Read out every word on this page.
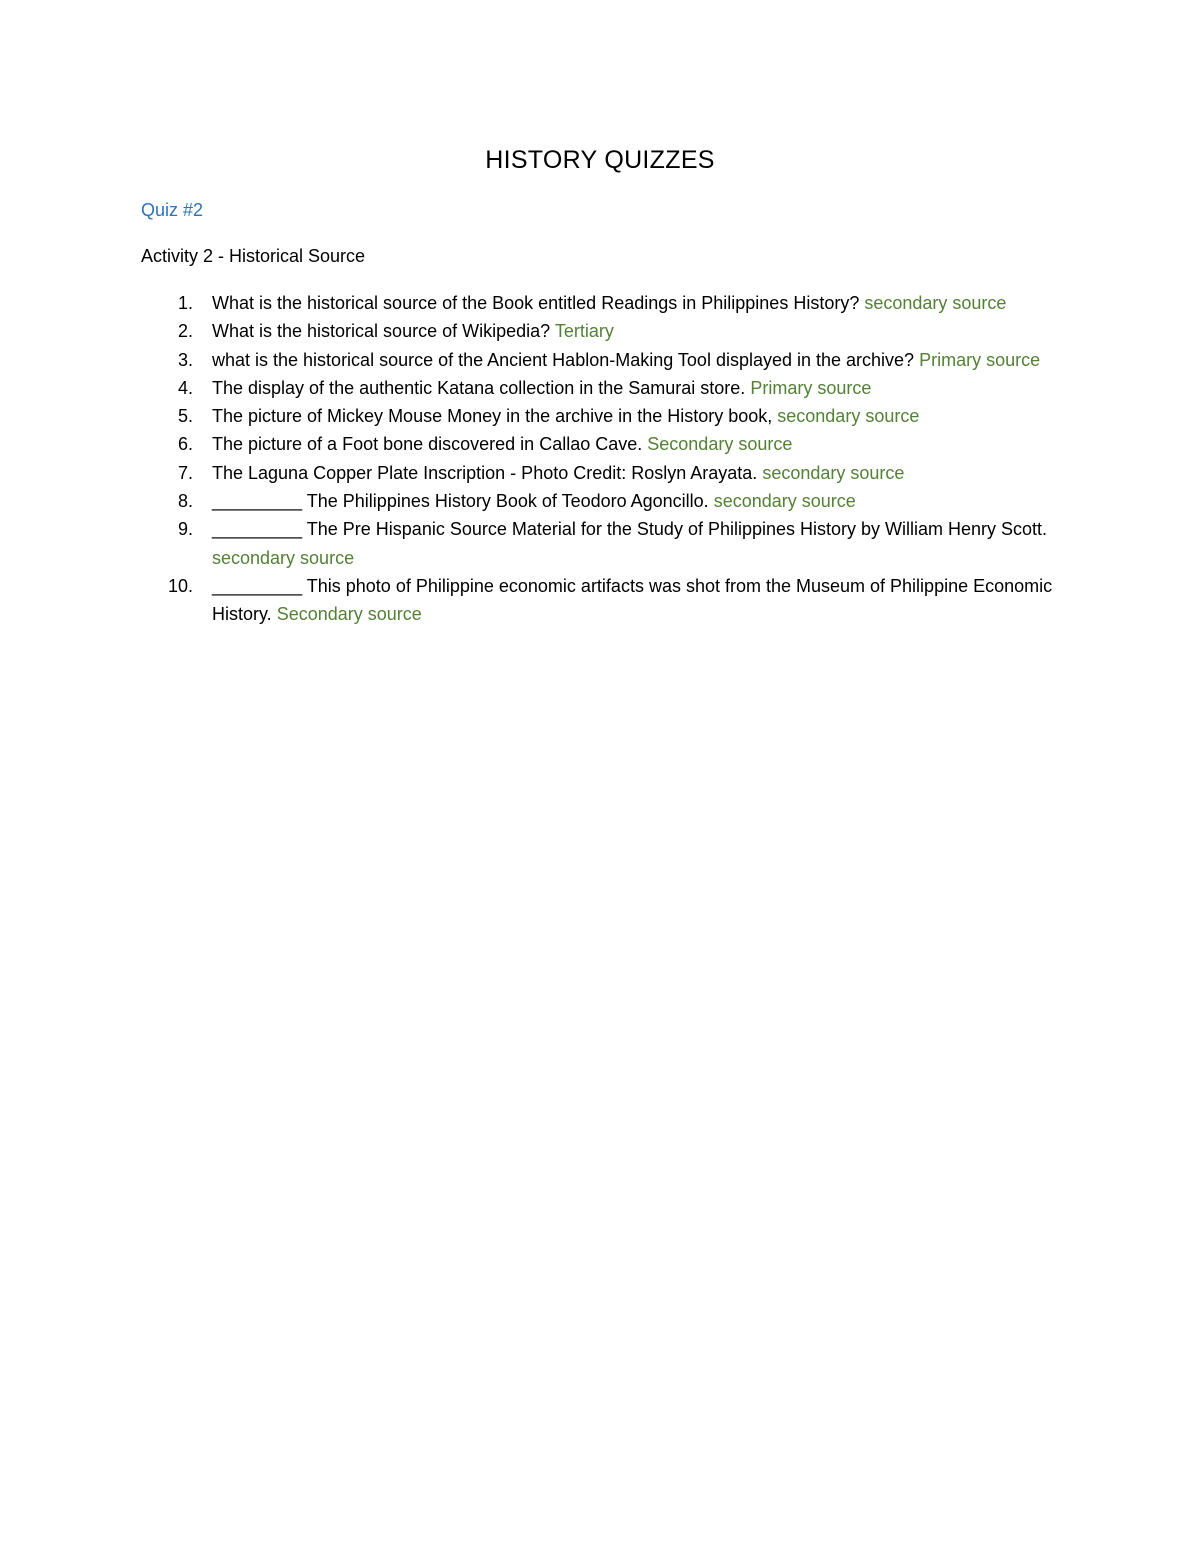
HISTORY QUIZZES
Quiz #2
Activity 2 - Historical Source
1. What is the historical source of the Book entitled Readings in Philippines History? secondary source
2. What is the historical source of Wikipedia? Tertiary
3. what is the historical source of the Ancient Hablon-Making Tool displayed in the archive? Primary source
4. The display of the authentic Katana collection in the Samurai store. Primary source
5. The picture of Mickey Mouse Money in the archive in the History book, secondary source
6. The picture of a Foot bone discovered in Callao Cave. Secondary source
7. The Laguna Copper Plate Inscription - Photo Credit: Roslyn Arayata. secondary source
8. _________ The Philippines History Book of Teodoro Agoncillo. secondary source
9. _________ The Pre Hispanic Source Material for the Study of Philippines History by William Henry Scott. secondary source
10. _________ This photo of Philippine economic artifacts was shot from the Museum of Philippine Economic History. Secondary source
